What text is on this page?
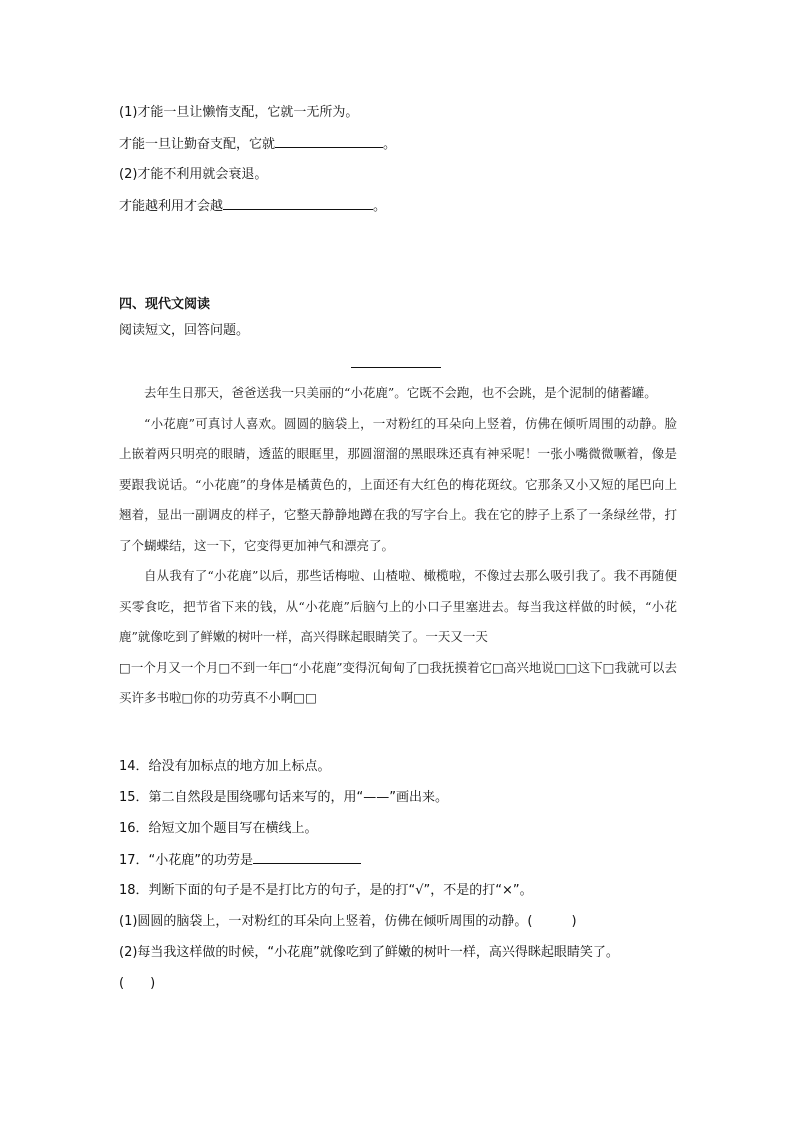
(1)才能一旦让懒惰支配，它就一无所为。
才能一旦让勤奋支配，它就	。
(2)才能不利用就会衰退。
才能越利用才会越	。
四、现代文阅读
阅读短文，回答问题。

去年生日那天，爸爸送我一只美丽的“小花鹿”。它既不会跑，也不会跳，是个泥制的储蓄罐。

“小花鹿”可真讨人喜欢。圆圆的脑袋上，一对粉红的耳朵向上竖着，仿佛在倾听周围的动静。脸上嵌着两只明亮的眼睛，透蓝的眼眶里，那圆溜溜的黑眼珠还真有神采呢！一张小嘴微微噘着，像是要跟我说话。“小花鹿”的身体是橘黄色的，上面还有大红色的梅花斑纹。它那条又小又短的尾巴向上翘着，显出一副调皮的样子，它整天静静地蹲在我的写字台上。我在它的脖子上系了一条绿丝带，打了个蝴蝶结，这一下，它变得更加神气和漂亮了。

自从我有了“小花鹿”以后，那些话梅啦、山楂啦、橄榄啦，不像过去那么吸引我了。我不再随便买零食吃，把节省下来的钱，从“小花鹿”后脑勺上的小口子里塞进去。每当我这样做的时候，“小花鹿”就像吃到了鲜嫩的树叶一样，高兴得眯起眼睛笑了。一天又一天

□一个月又一个月□不到一年□“小花鹿”变得沉甸甸了□我抚摸着它□高兴地说□□这下□我就可以去买许多书啦□你的功劳真不小啊□□

14．给没有加标点的地方加上标点。
15．第二自然段是围绕哪句话来写的，用“——”画出来。
16．给短文加个题目写在横线上。
17．“小花鹿”的功劳是
18．判断下面的句子是不是打比方的句子，是的打“√”，不是的打“×”。
(1)圆圆的脑袋上，一对粉红的耳朵向上竖着，仿佛在倾听周围的动静。(　　　)
(2)每当我这样做的时候，“小花鹿”就像吃到了鲜嫩的树叶一样，高兴得眯起眼睛笑了。
(　　)
